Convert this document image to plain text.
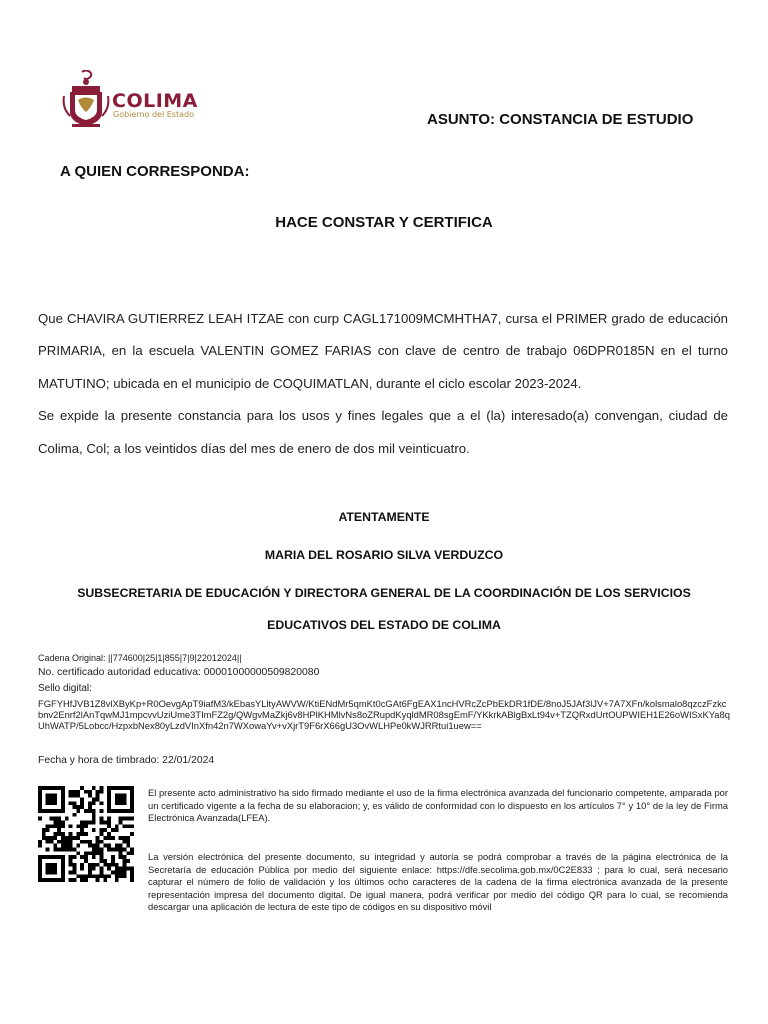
COLIMA
Gobierno del Estado	ASUNTO: CONSTANCIA DE ESTUDIO
A QUIEN CORRESPONDA:
HACE CONSTAR Y CERTIFICA

Que CHAVIRA GUTIERREZ LEAH ITZAE con curp CAGL171009MCMHTHA7, cursa el PRIMER grado de educación PRIMARIA, en la escuela VALENTIN GOMEZ FARIAS con clave de centro de trabajo 06DPR0185N en el turno MATUTINO; ubicada en el municipio de COQUIMATLAN, durante el ciclo escolar 2023-2024.

Se expide la presente constancia para los usos y fines legales que a el (la) interesado(a) convengan, ciudad de Colima, Col; a los veintidos días del mes de enero de dos mil veinticuatro.

ATENTAMENTE
MARIA DEL ROSARIO SILVA VERDUZCO
SUBSECRETARIA DE EDUCACIÓN Y DIRECTORA GENERAL DE LA COORDINACIÓN DE LOS SERVICIOS
EDUCATIVOS DEL ESTADO DE COLIMA
Cadena Original: ||774600|25|1|855|7|9|22012024||
No. certificado autoridad educativa: 00001000000509820080
Sello digital:
FGFYHfJVB1Z8vlXByKp+R0OevgApT9iafM3/kEbasYLltyAWVW/KtiENdMr5qmKt0cGAt6FgEAX1ncHVRcZcPbEkDR1fDE/8noJ5JAf3lJV+7A7XFn/kolsmalo8qzczFzkcbnv2Enrf2lAnTqwMJ1mpcvvUziUme3TImFZ2g/QWgvMaZkj6v8HPlKHMlvNs8oZRupdKyqldMR08sgEmF/YKkrkABlgBxLt94v+TZQRxdUrtOUPWIEH1E26oWISxKYa8qUhWATP/5Lobcc/HzpxbNex80yLzdVInXfn42n7WXowaYv+vXjrT9F6rX66gU3OvWLHPe0kWJRRtui1uew==
Fecha y hora de timbrado: 22/01/2024
El presente acto administrativo ha sido firmado mediante el uso de la firma electrónica avanzada del funcionario competente, amparada por un certificado vigente a la fecha de su elaboracion; y, es válido de conformidad con lo dispuesto en los artículos 7° y 10° de la ley de Firma Electrónica Avanzada(LFEA).
La versión electrónica del presente documento, su integridad y autoría se podrá comprobar a través de la página electrónica de la Secretaría de educación Pública por medio del siguiente enlace: https://dfe.secolima.gob.mx/0C2E833 ; para lo cual, será necesario capturar el número de folio de validación y los últimos ocho caracteres de la cadena de la firma electrónica avanzada de la presente representación impresa del documento digital. De igual manera, podrá verificar por medio del código QR para lo cual, se recomienda descargar una aplicación de lectura de este tipo de códigos en su dispositivo móvil
